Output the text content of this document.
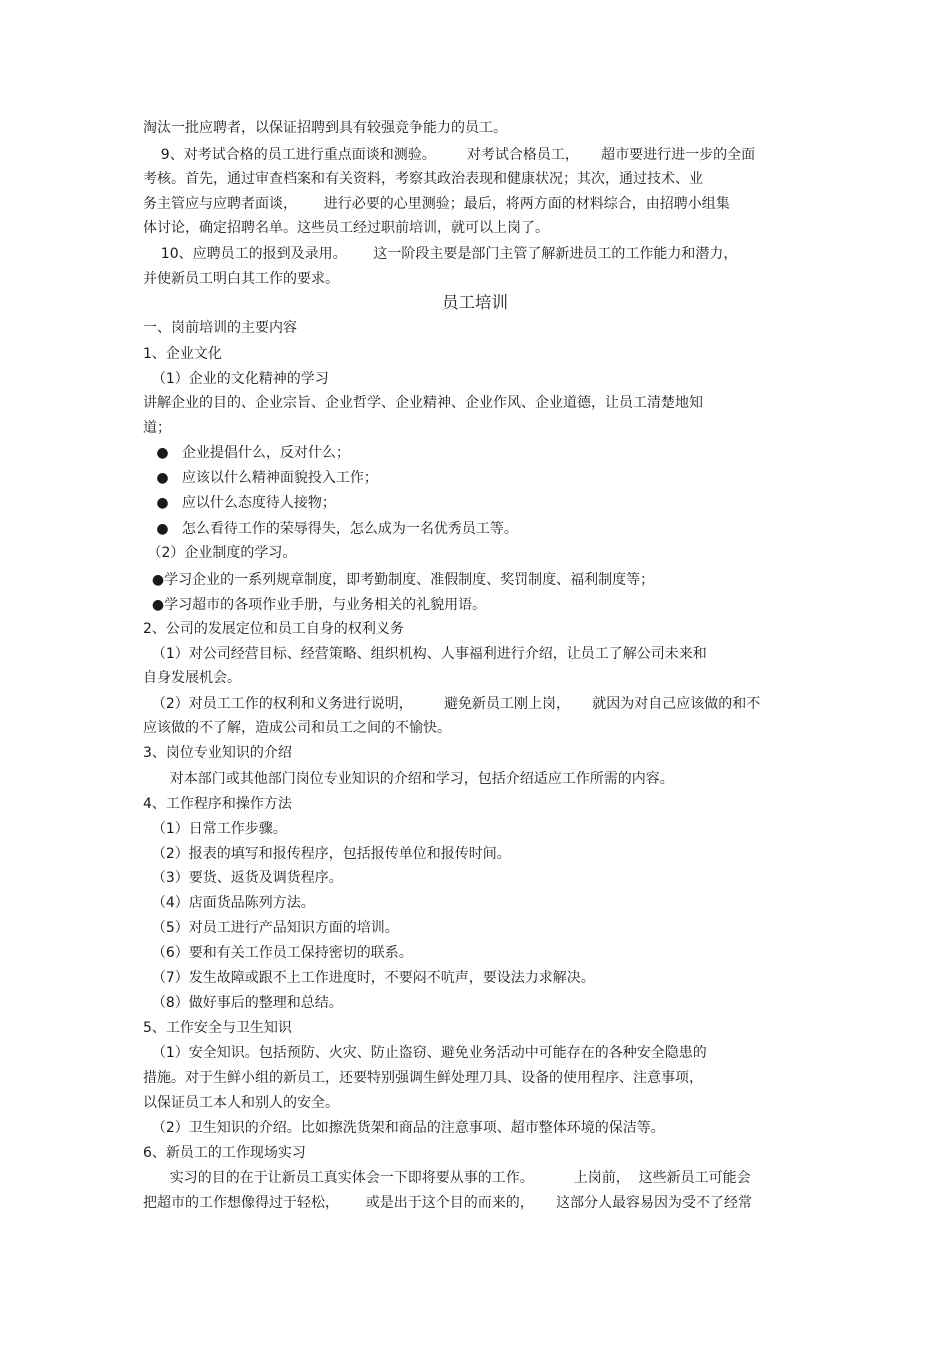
淘汰一批应聘者，以保证招聘到具有较强竞争能力的员工。
9、对考试合格的员工进行重点面谈和测验。       对考试合格员工，     超市要进行进一步的全面
考核。首先，通过审查档案和有关资料，考察其政治表现和健康状况；其次，通过技术、业
务主管应与应聘者面谈，      进行必要的心里测验；最后，将两方面的材料综合，由招聘小组集
体讨论，确定招聘名单。这些员工经过职前培训，就可以上岗了。
10、应聘员工的报到及录用。      这一阶段主要是部门主管了解新进员工的工作能力和潜力，
并使新员工明白其工作的要求。
员工培训
一、岗前培训的主要内容
1、企业文化
（1）企业的文化精神的学习
讲解企业的目的、企业宗旨、企业哲学、企业精神、企业作风、企业道德，让员工清楚地知
道；
●   企业提倡什么，反对什么；
●   应该以什么精神面貌投入工作；
●   应以什么态度待人接物；
●   怎么看待工作的荣辱得失，怎么成为一名优秀员工等。
（2）企业制度的学习。
●学习企业的一系列规章制度，即考勤制度、准假制度、奖罚制度、福利制度等；
●学习超市的各项作业手册，与业务相关的礼貌用语。
2、公司的发展定位和员工自身的权利义务
（1）对公司经营目标、经营策略、组织机构、人事福利进行介绍，让员工了解公司未来和
自身发展机会。
（2）对员工工作的权利和义务进行说明，       避免新员工刚上岗，     就因为对自己应该做的和不
应该做的不了解，造成公司和员工之间的不愉快。
3、岗位专业知识的介绍
对本部门或其他部门岗位专业知识的介绍和学习，包括介绍适应工作所需的内容。
4、工作程序和操作方法
（1）日常工作步骤。
（2）报表的填写和报传程序，包括报传单位和报传时间。
（3）要货、返货及调货程序。
（4）店面货品陈列方法。
（5）对员工进行产品知识方面的培训。
（6）要和有关工作员工保持密切的联系。
（7）发生故障或跟不上工作进度时，不要闷不吭声，要设法力求解决。
（8）做好事后的整理和总结。
5、工作安全与卫生知识
（1）安全知识。包括预防、火灾、防止盗窃、避免业务活动中可能存在的各种安全隐患的
措施。对于生鲜小组的新员工，还要特别强调生鲜处理刀具、设备的使用程序、注意事项，
以保证员工本人和别人的安全。
（2）卫生知识的介绍。比如擦洗货架和商品的注意事项、超市整体环境的保洁等。
6、新员工的工作现场实习
实习的目的在于让新员工真实体会一下即将要从事的工作。         上岗前，  这些新员工可能会
把超市的工作想像得过于轻松，      或是出于这个目的而来的，     这部分人最容易因为受不了经常
